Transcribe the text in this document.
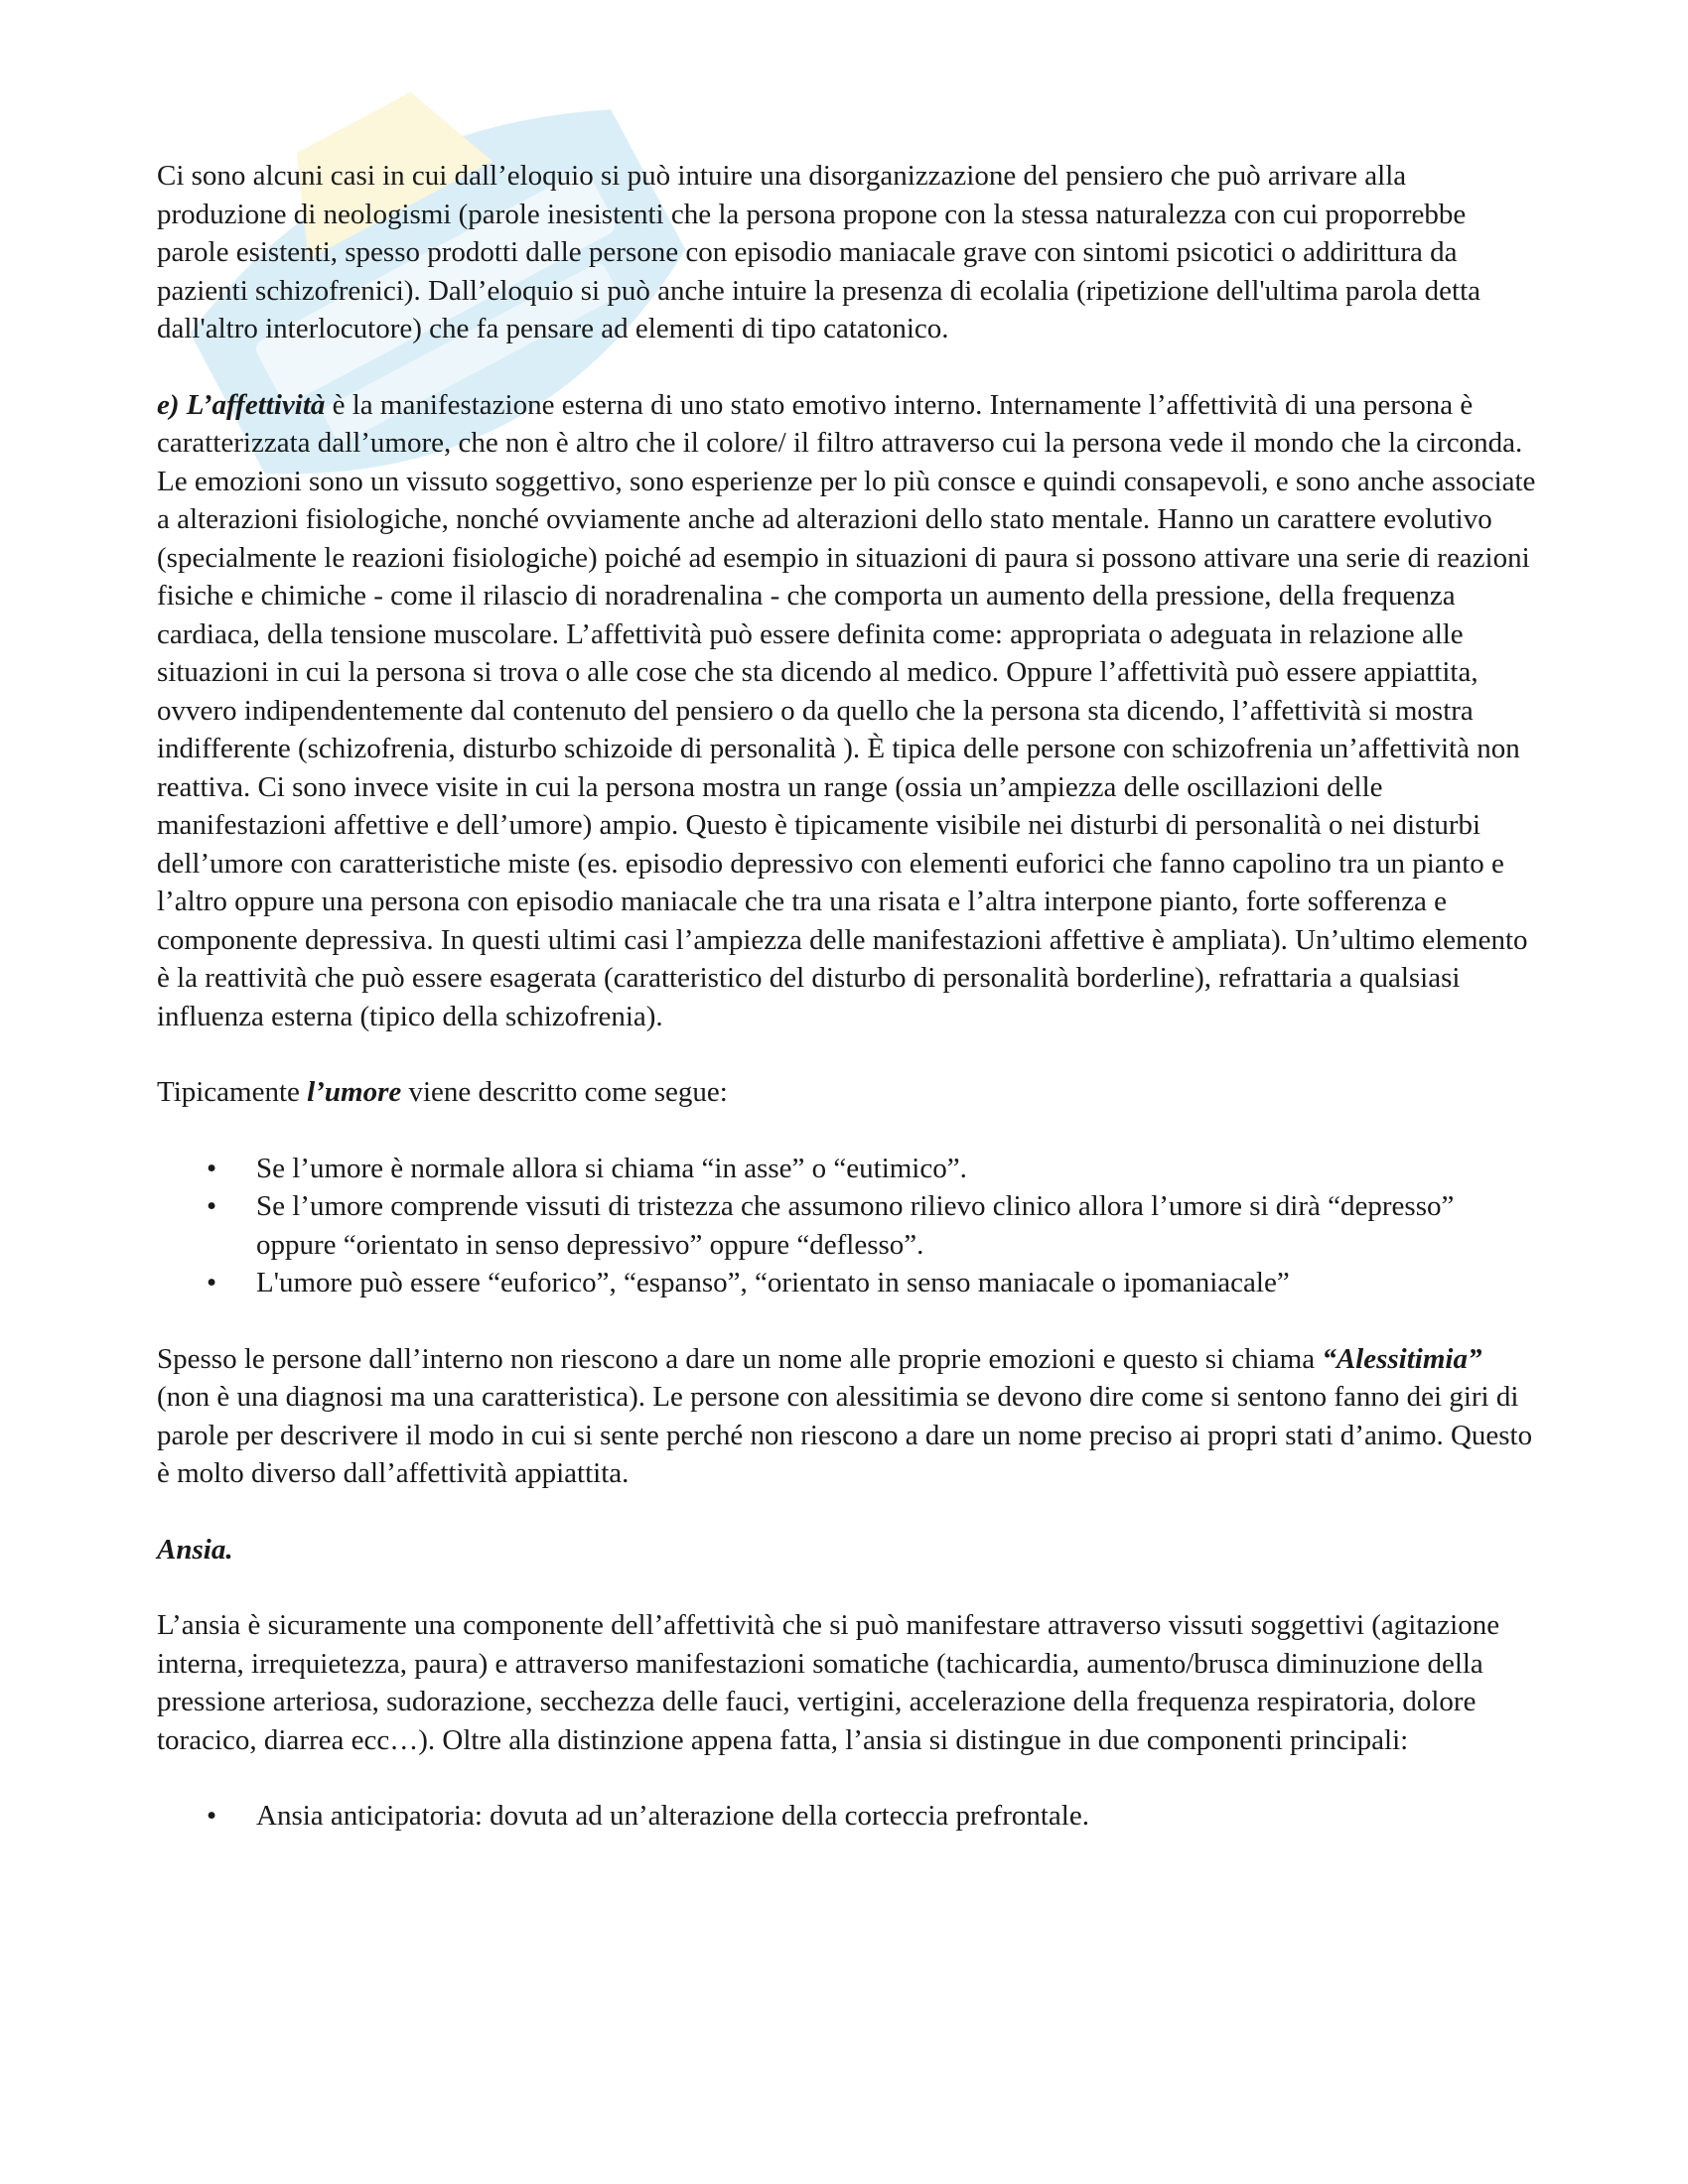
Ci sono alcuni casi in cui dall’eloquio si può intuire una disorganizzazione del pensiero che può arrivare alla produzione di neologismi (parole inesistenti che la persona propone con la stessa naturalezza con cui proporrebbe parole esistenti, spesso prodotti dalle persone con episodio maniacale grave con sintomi psicotici o addirittura da pazienti schizofrenici). Dall’eloquio si può anche intuire la presenza di ecolalia (ripetizione dell'ultima parola detta dall'altro interlocutore) che fa pensare ad elementi di tipo catatonico.

e) L’affettività è la manifestazione esterna di uno stato emotivo interno. Internamente l’affettività di una persona è caratterizzata dall’umore, che non è altro che il colore/ il filtro attraverso cui la persona vede il mondo che la circonda. Le emozioni sono un vissuto soggettivo, sono esperienze per lo più consce e quindi consapevoli, e sono anche associate a alterazioni fisiologiche, nonché ovviamente anche ad alterazioni dello stato mentale. Hanno un carattere evolutivo (specialmente le reazioni fisiologiche) poiché ad esempio in situazioni di paura si possono attivare una serie di reazioni fisiche e chimiche - come il rilascio di noradrenalina - che comporta un aumento della pressione, della frequenza cardiaca, della tensione muscolare. L’affettività può essere definita come: appropriata o adeguata in relazione alle situazioni in cui la persona si trova o alle cose che sta dicendo al medico. Oppure l’affettività può essere appiattita, ovvero indipendentemente dal contenuto del pensiero o da quello che la persona sta dicendo, l’affettività si mostra indifferente (schizofrenia, disturbo schizoide di personalità ). È tipica delle persone con schizofrenia un’affettività non reattiva. Ci sono invece visite in cui la persona mostra un range (ossia un’ampiezza delle oscillazioni delle manifestazioni affettive e dell’umore) ampio. Questo è tipicamente visibile nei disturbi di personalità o nei disturbi dell’umore con caratteristiche miste (es. episodio depressivo con elementi euforici che fanno capolino tra un pianto e l’altro oppure una persona con episodio maniacale che tra una risata e l’altra interpone pianto, forte sofferenza e componente depressiva. In questi ultimi casi l’ampiezza delle manifestazioni affettive è ampliata). Un’ultimo elemento è la reattività che può essere esagerata (caratteristico del disturbo di personalità borderline), refrattaria a qualsiasi influenza esterna (tipico della schizofrenia).

Tipicamente l’umore viene descritto come segue:

• Se l’umore è normale allora si chiama “in asse” o “eutimico”.
• Se l’umore comprende vissuti di tristezza che assumono rilievo clinico allora l’umore si dirà “depresso” oppure “orientato in senso depressivo” oppure “deflesso”.
• L'umore può essere “euforico”, “espanso”, “orientato in senso maniacale o ipomaniacale”

Spesso le persone dall’interno non riescono a dare un nome alle proprie emozioni e questo si chiama “Alessitimia” (non è una diagnosi ma una caratteristica). Le persone con alessitimia se devono dire come si sentono fanno dei giri di parole per descrivere il modo in cui si sente perché non riescono a dare un nome preciso ai propri stati d’animo. Questo è molto diverso dall’affettività appiattita.

Ansia.

L’ansia è sicuramente una componente dell’affettività che si può manifestare attraverso vissuti soggettivi (agitazione interna, irrequietezza, paura) e attraverso manifestazioni somatiche (tachicardia, aumento/brusca diminuzione della pressione arteriosa, sudorazione, secchezza delle fauci, vertigini, accelerazione della frequenza respiratoria, dolore toracico, diarrea ecc…). Oltre alla distinzione appena fatta, l’ansia si distingue in due componenti principali:

• Ansia anticipatoria: dovuta ad un’alterazione della corteccia prefrontale.
